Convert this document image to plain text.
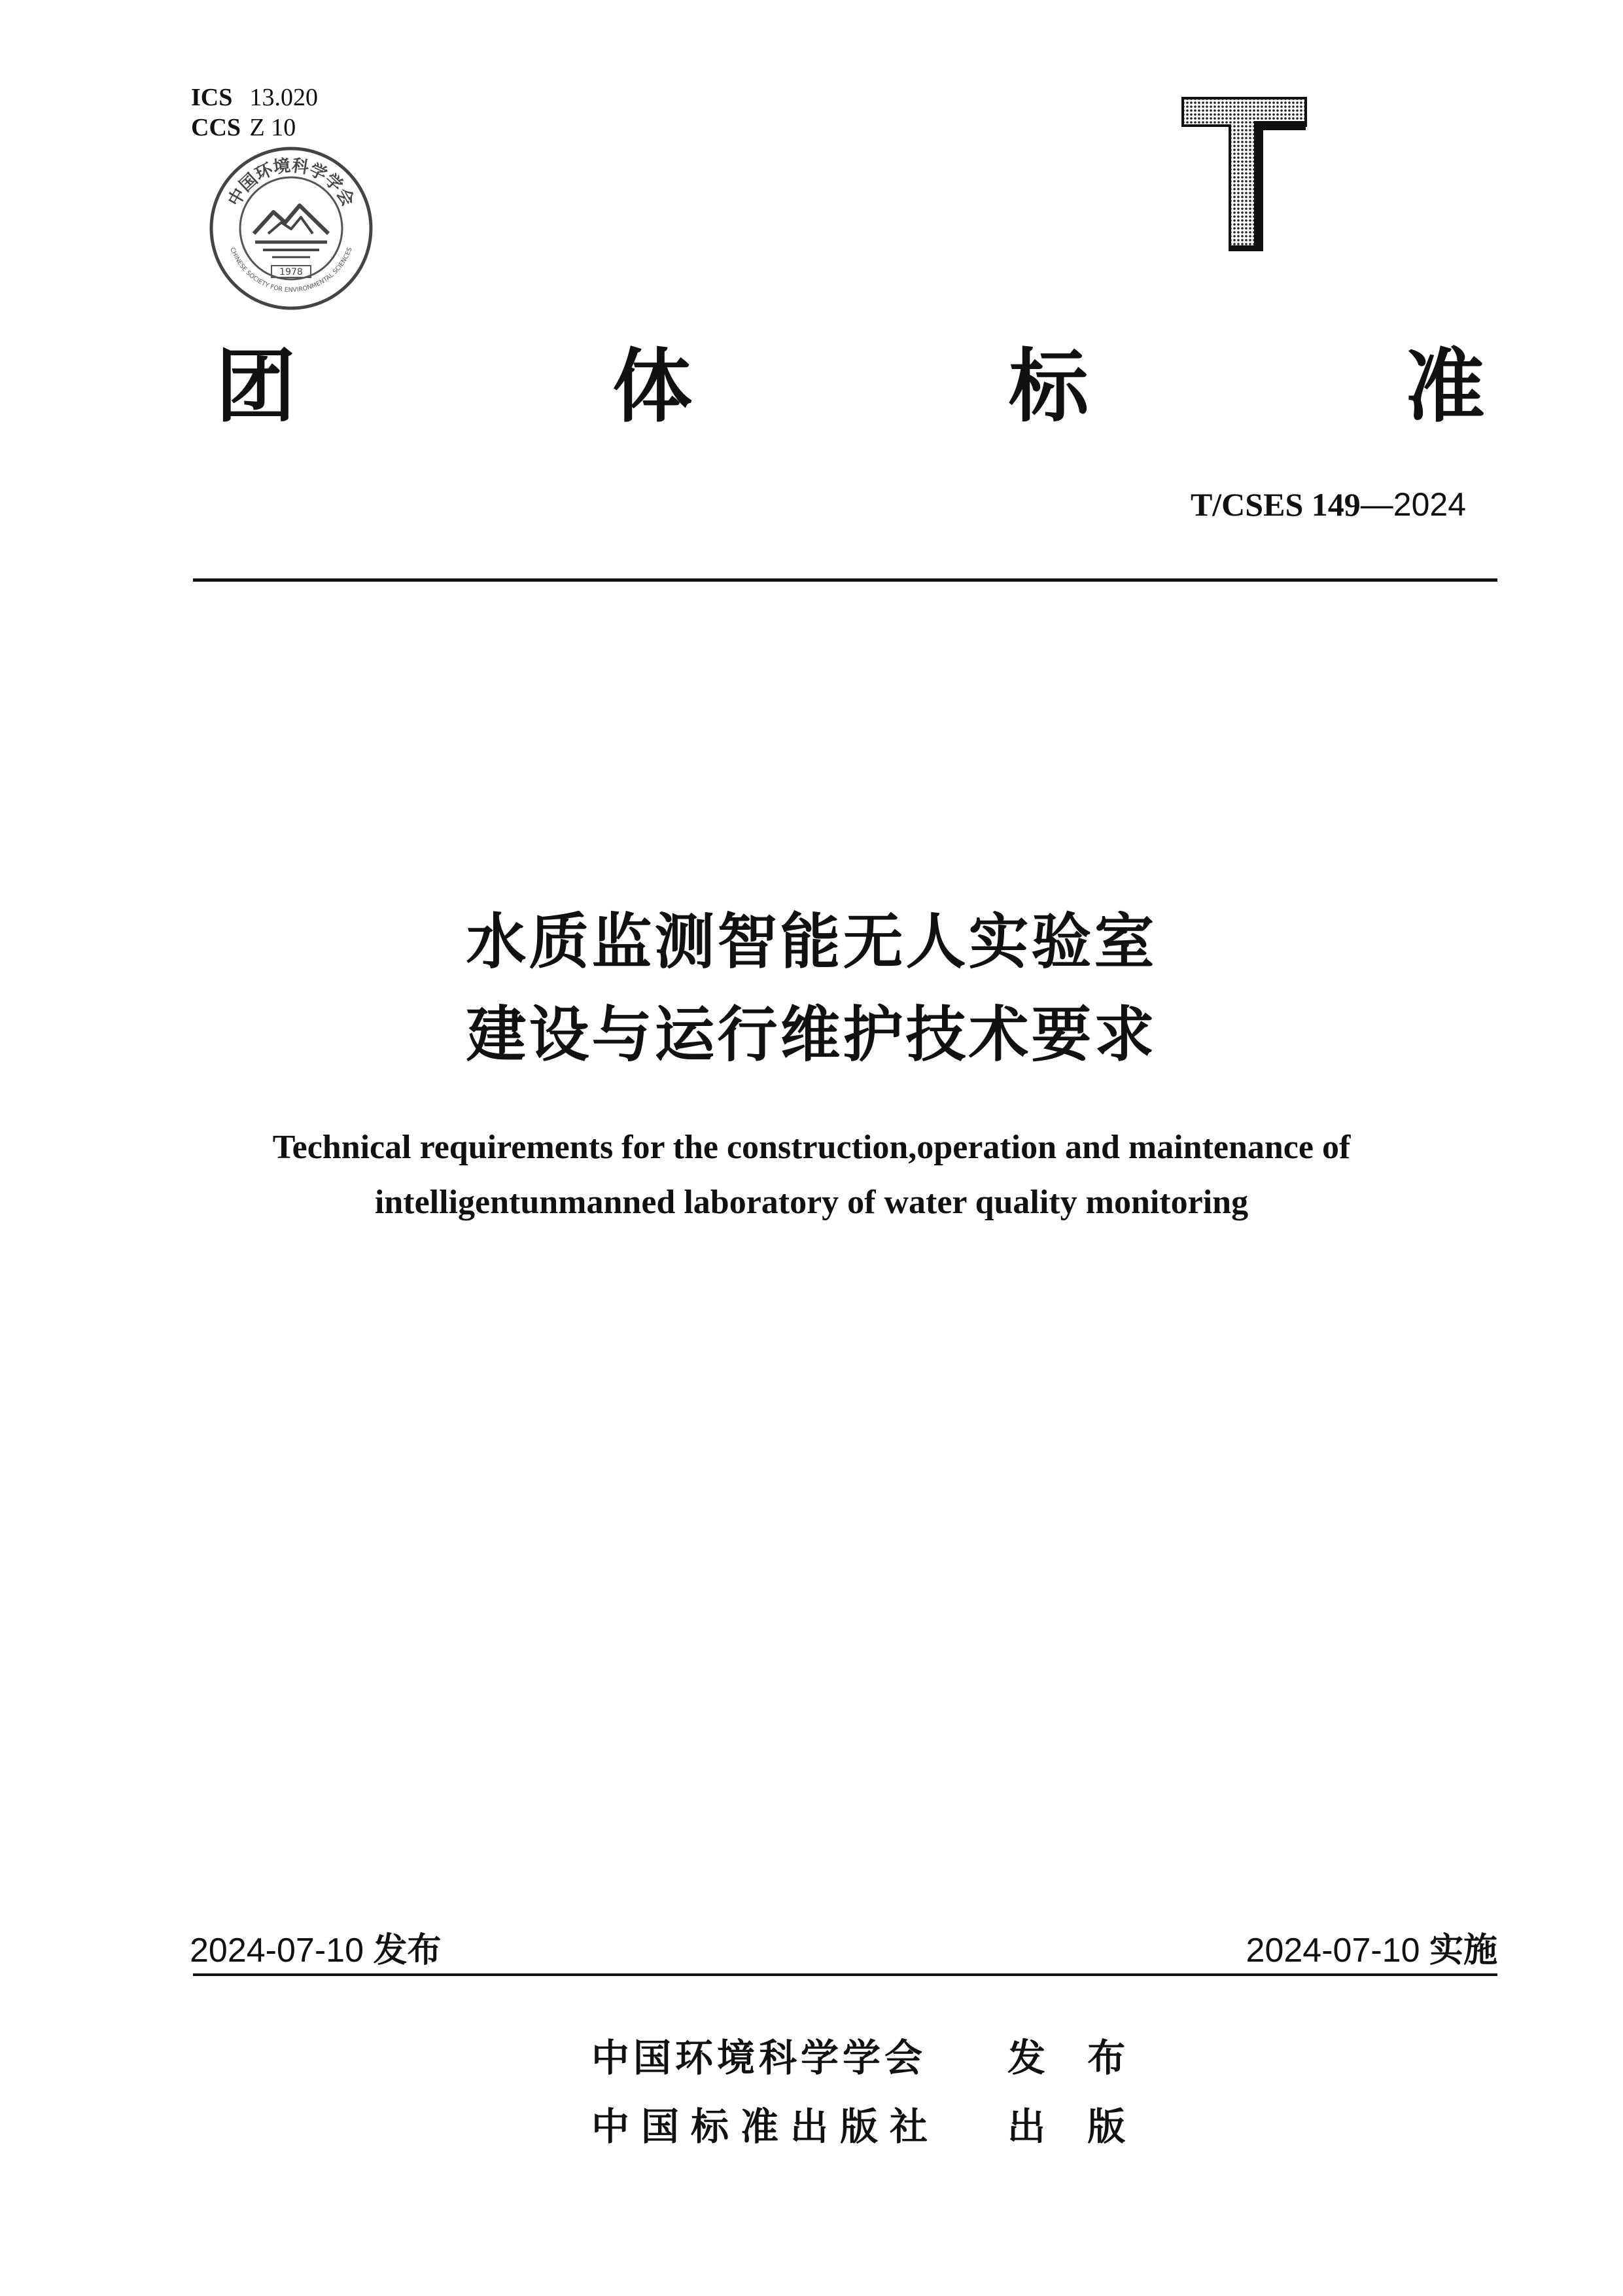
ICS 13.020
CCS Z 10
中国环境科学学会
CHINESE SOCIETY FOR ENVIRONMENTAL SCIENCES
1978
T
团	体	标	准
T/CSES 149—2024
水质监测智能无人实验室
建设与运行维护技术要求
Technical requirements for the construction,operation and maintenance of
intelligentunmanned laboratory of water quality monitoring
2024-07-10 发布	2024-07-10 实施
中国环境科学学会 发 布
中国标准出版社 出 版
